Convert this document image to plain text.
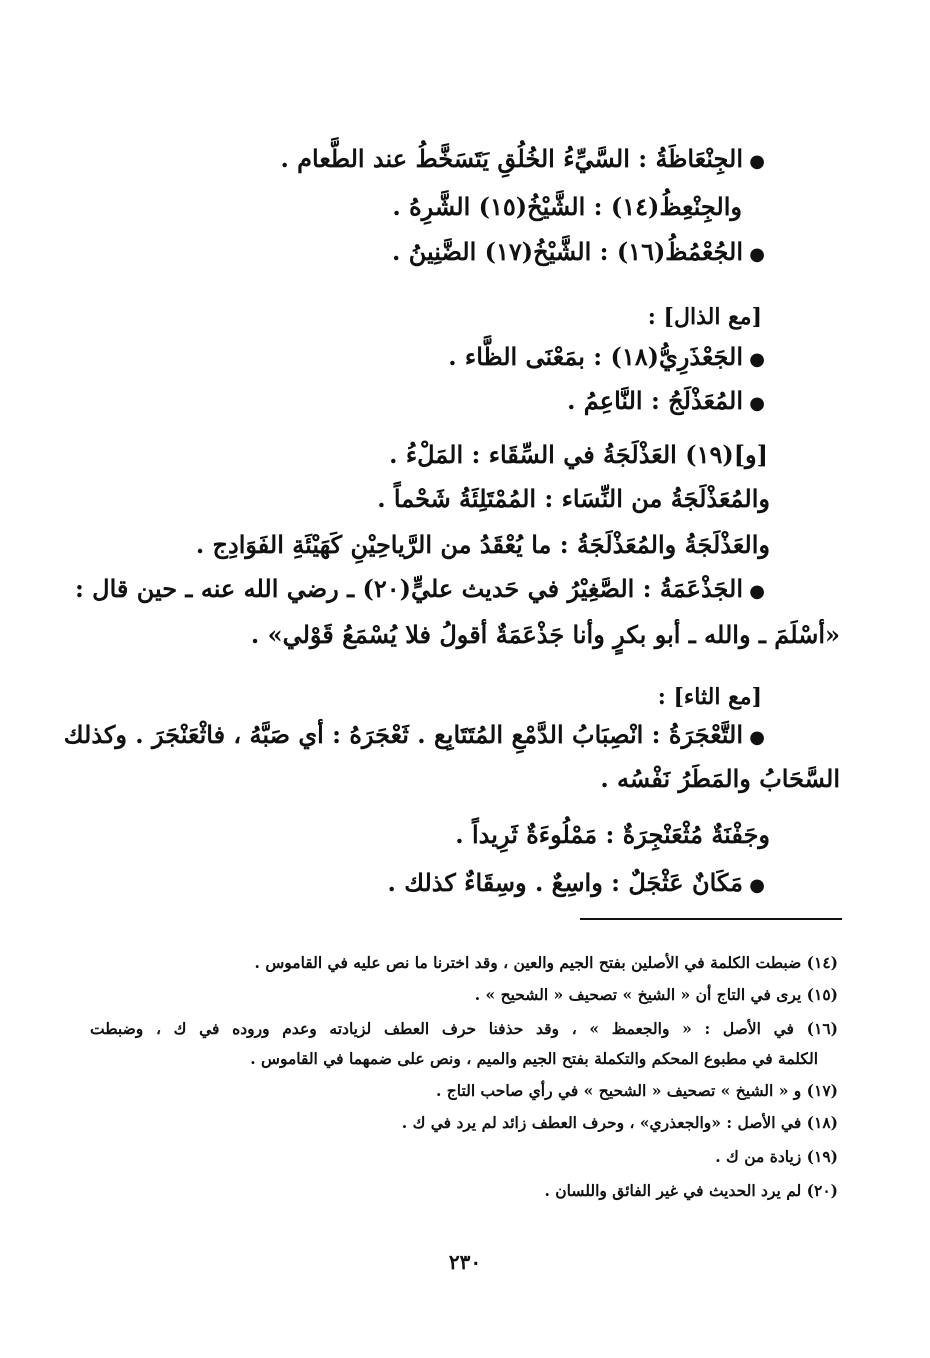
● الجِنْعَاظَةُ : السَّيِّءُ الخُلُقِ يَتَسَخَّطُ عند الطَّعام .
والجِنْعِظُ(١٤) : الشَّيْخُ(١٥) الشَّرِهُ .
● الجُعْمُظُ(١٦) : الشَّيْخُ(١٧) الضَّنِينُ .
[مع الذال] :
● الجَعْذَرِيُّ(١٨) : بمَعْنَى الظَّاء .
● المُعَذْلَجُ : النَّاعِمُ .
[و](١٩) العَذْلَجَةُ في السِّقَاء : المَلْءُ .
والمُعَذْلَجَةُ من النِّسَاء : المُمْتَلِئَةُ شَحْماً .
والعَذْلَجَةُ والمُعَذْلَجَةُ : ما يُعْقَدُ من الرَّياحِيْنِ كَهَيْئَةِ الفَوَادِج .
● الجَذْعَمَةُ : الصَّغِيْرُ في حَديث عليٍّ(٢٠) ـ رضي الله عنه ـ حين قال :
«أسْلَمَ ـ والله ـ أبو بكرٍ وأنا جَذْعَمَةٌ أقولُ فلا يُسْمَعُ قَوْلي» .
[مع الثاء] :
● التَّعْجَرَةُ : انْصِبَابُ الدَّمْعِ المُتَتَابِع . ثَعْجَرَهُ : أي صَبَّهُ ، فاثْعَنْجَرَ . وكذلك
السَّحَابُ والمَطَرُ نَفْسُه .
وجَفْنَةٌ مُثْعَنْجِرَةٌ : مَمْلُوءَةٌ ثَرِيداً .
● مَكَانٌ عَثْجَلٌ : واسِعٌ . وسِقَاءٌ كذلك .
(١٤) ضبطت الكلمة في الأصلين بفتح الجيم والعين ، وقد اخترنا ما نص عليه في القاموس .
(١٥) يرى في التاج أن « الشيخ » تصحيف « الشحيح » .
(١٦) في الأصل : « والجعمظ » ، وقد حذفنا حرف العطف لزيادته وعدم وروده في ك ، وضبطت
الكلمة في مطبوع المحكم والتكملة بفتح الجيم والميم ، ونص على ضمهما في القاموس .
(١٧) و « الشيخ » تصحيف « الشحيح » في رأي صاحب التاج .
(١٨) في الأصل : «والجعذري» ، وحرف العطف زائد لم يرد في ك .
(١٩) زيادة من ك .
(٢٠) لم يرد الحديث في غير الفائق واللسان .
٢٣٠
